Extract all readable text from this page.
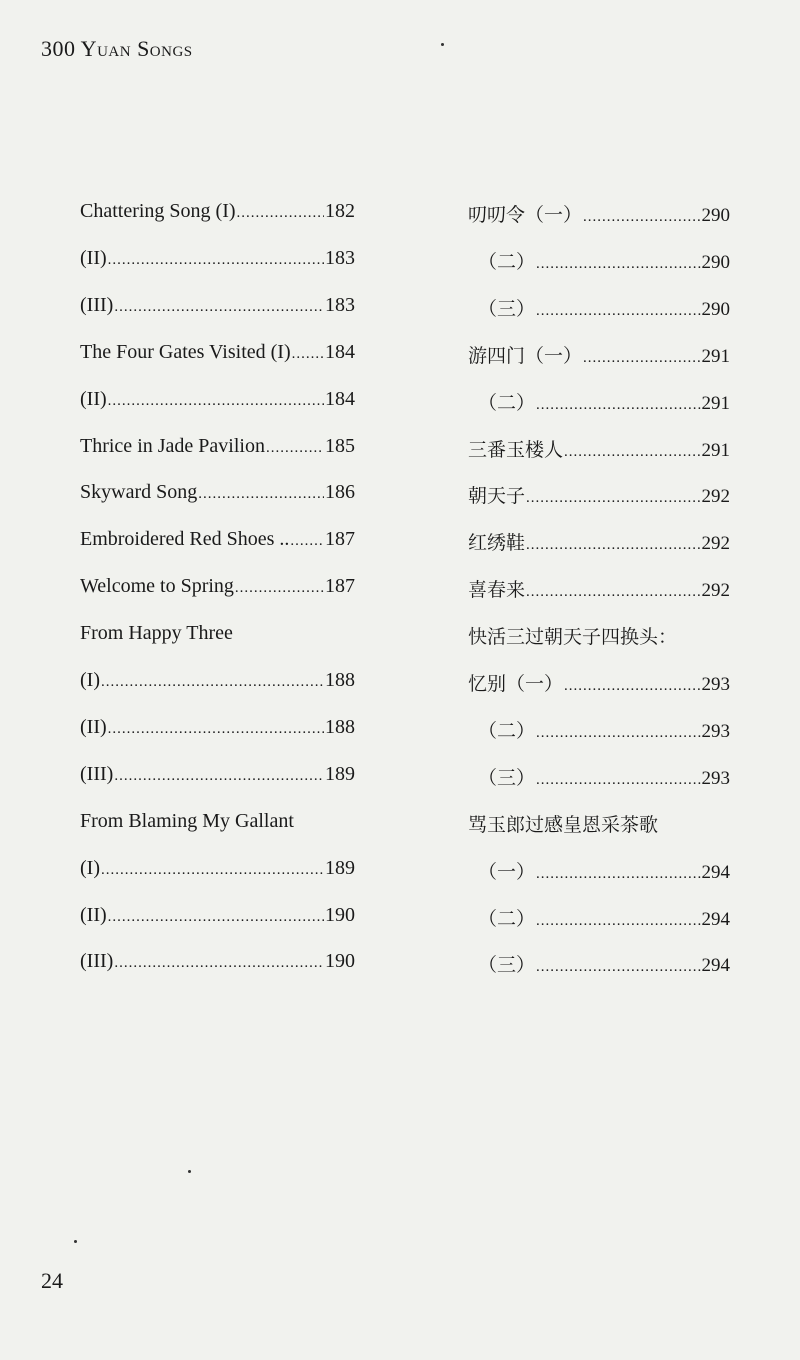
300 Yuan Songs
Chattering Song (I) .....	182
(II) .....	183
(III) .....	183
The Four Gates Visited (I) ..... 184
(II) .....	184
Thrice in Jade Pavilion .....	185
Skyward Song .....	186
Embroidered Red Shoes .. ..... 187
Welcome to Spring .....	187
From Happy Three
(I) .....	188
(II) .....	188
(III) .....	189
From Blaming My Gallant
(I) .....	189
(II) .....	190
(III) .....	190
叨叨令（一） .....	290
（二） .....	290
（三） .....	290
游四门（一） .....	291
（二） .....	291
三番玉楼人 .....	291
朝天子 .....	292
红绣鞋 .....	292
喜春来 .....	292
快活三过朝天子四换头：
忆别（一） .....	293
（二） .....	293
（三） .....	293
骂玉郎过感皇恩采茶歌
（一） .....	294
（二） .....	294
（三） .....	294
24
